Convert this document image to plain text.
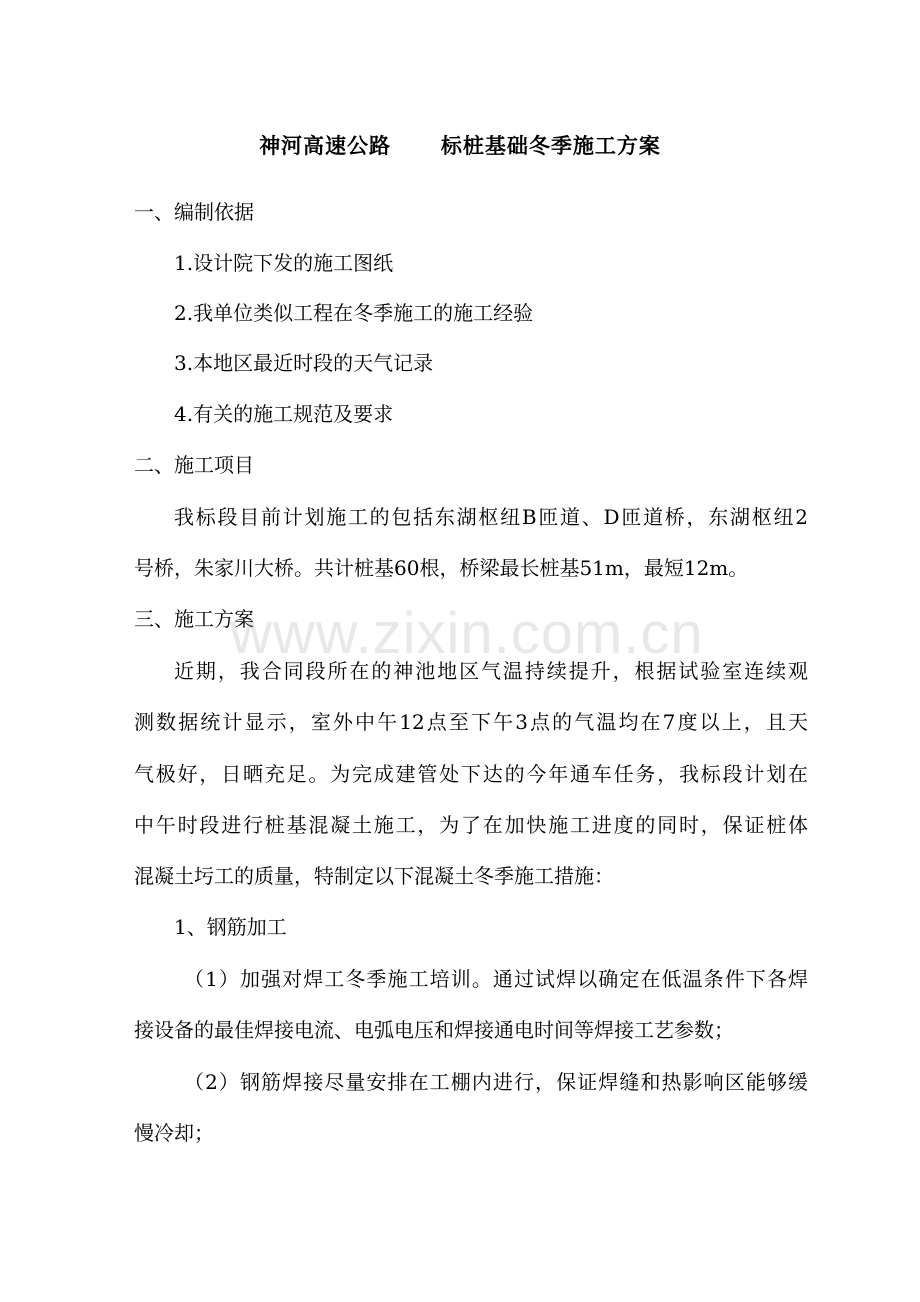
神河高速公路      标桩基础冬季施工方案
一、编制依据
1.设计院下发的施工图纸
2.我单位类似工程在冬季施工的施工经验
3.本地区最近时段的天气记录
4.有关的施工规范及要求
二、施工项目
我标段目前计划施工的包括东湖枢纽B匝道、D匝道桥，东湖枢纽2
号桥，朱家川大桥。共计桩基60根，桥梁最长桩基51m，最短12m。
三、施工方案
近期，我合同段所在的神池地区气温持续提升，根据试验室连续观
测数据统计显示，室外中午12点至下午3点的气温均在7度以上，且天
气极好，日晒充足。为完成建管处下达的今年通车任务，我标段计划在
中午时段进行桩基混凝土施工，为了在加快施工进度的同时，保证桩体
混凝土圬工的质量，特制定以下混凝土冬季施工措施：
1、钢筋加工
（1）加强对焊工冬季施工培训。通过试焊以确定在低温条件下各焊
接设备的最佳焊接电流、电弧电压和焊接通电时间等焊接工艺参数；
（2）钢筋焊接尽量安排在工棚内进行，保证焊缝和热影响区能够缓
慢冷却；
www.zixin.com.cn
